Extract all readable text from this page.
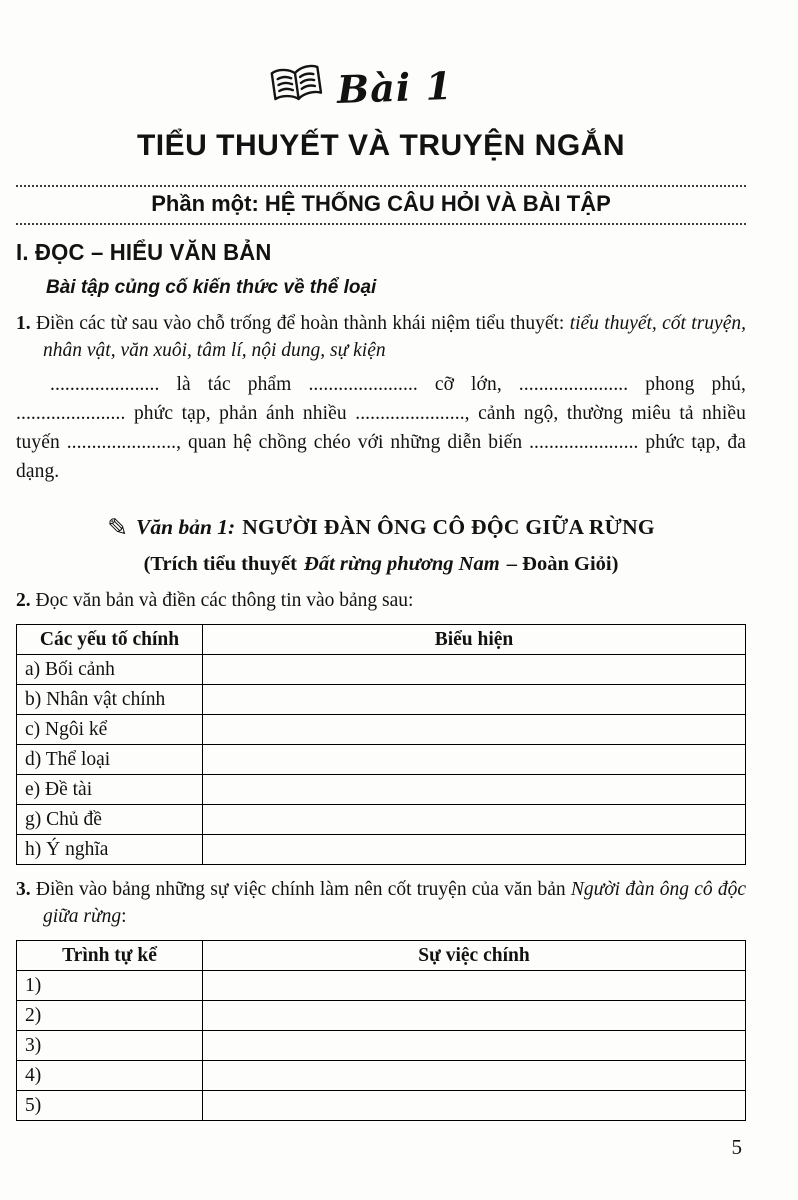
Bài 1
TIỂU THUYẾT VÀ TRUYỆN NGẮN
Phần một: HỆ THỐNG CÂU HỎI VÀ BÀI TẬP
I. ĐỌC – HIỂU VĂN BẢN
Bài tập củng cố kiến thức về thể loại

1. Điền các từ sau vào chỗ trống để hoàn thành khái niệm tiểu thuyết: tiểu thuyết, cốt truyện, nhân vật, văn xuôi, tâm lí, nội dung, sự kiện

...................... là tác phẩm ...................... cỡ lớn, ...................... phong phú, ...................... phức tạp, phản ánh nhiều ......................, cảnh ngộ, thường miêu tả nhiều tuyến ......................, quan hệ chồng chéo với những diễn biến ...................... phức tạp, đa dạng.

✎ Văn bản 1: NGƯỜI ĐÀN ÔNG CÔ ĐỘC GIỮA RỪNG
(Trích tiểu thuyết Đất rừng phương Nam – Đoàn Giỏi)

2. Đọc văn bản và điền các thông tin vào bảng sau:

Các yếu tố chính	Biểu hiện
a) Bối cảnh	
b) Nhân vật chính	
c) Ngôi kể	
d) Thể loại	
e) Đề tài	
g) Chủ đề	
h) Ý nghĩa	

3. Điền vào bảng những sự việc chính làm nên cốt truyện của văn bản Người đàn ông cô độc giữa rừng:

Trình tự kể	Sự việc chính
1)	
2)	
3)	
4)	
5)	
5
